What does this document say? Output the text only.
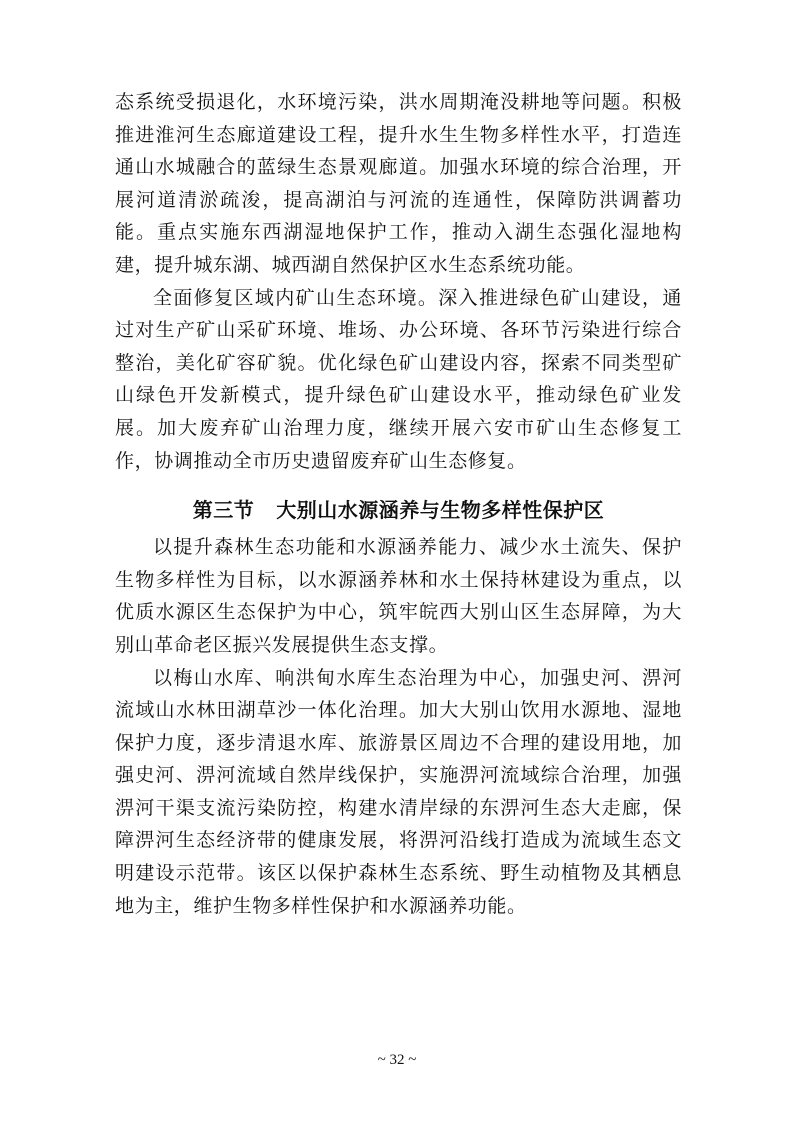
态系统受损退化，水环境污染，洪水周期淹没耕地等问题。积极推进淮河生态廊道建设工程，提升水生生物多样性水平，打造连通山水城融合的蓝绿生态景观廊道。加强水环境的综合治理，开展河道清淤疏浚，提高湖泊与河流的连通性，保障防洪调蓄功能。重点实施东西湖湿地保护工作，推动入湖生态强化湿地构建，提升城东湖、城西湖自然保护区水生态系统功能。

全面修复区域内矿山生态环境。深入推进绿色矿山建设，通过对生产矿山采矿环境、堆场、办公环境、各环节污染进行综合整治，美化矿容矿貌。优化绿色矿山建设内容，探索不同类型矿山绿色开发新模式，提升绿色矿山建设水平，推动绿色矿业发展。加大废弃矿山治理力度，继续开展六安市矿山生态修复工作，协调推动全市历史遗留废弃矿山生态修复。

第三节 大别山水源涵养与生物多样性保护区

以提升森林生态功能和水源涵养能力、减少水土流失、保护生物多样性为目标，以水源涵养林和水土保持林建设为重点，以优质水源区生态保护为中心，筑牢皖西大别山区生态屏障，为大别山革命老区振兴发展提供生态支撑。

以梅山水库、响洪甸水库生态治理为中心，加强史河、淠河流域山水林田湖草沙一体化治理。加大大别山饮用水源地、湿地保护力度，逐步清退水库、旅游景区周边不合理的建设用地，加强史河、淠河流域自然岸线保护，实施淠河流域综合治理，加强淠河干渠支流污染防控，构建水清岸绿的东淠河生态大走廊，保障淠河生态经济带的健康发展，将淠河沿线打造成为流域生态文明建设示范带。该区以保护森林生态系统、野生动植物及其栖息地为主，维护生物多样性保护和水源涵养功能。

~ 32 ~
